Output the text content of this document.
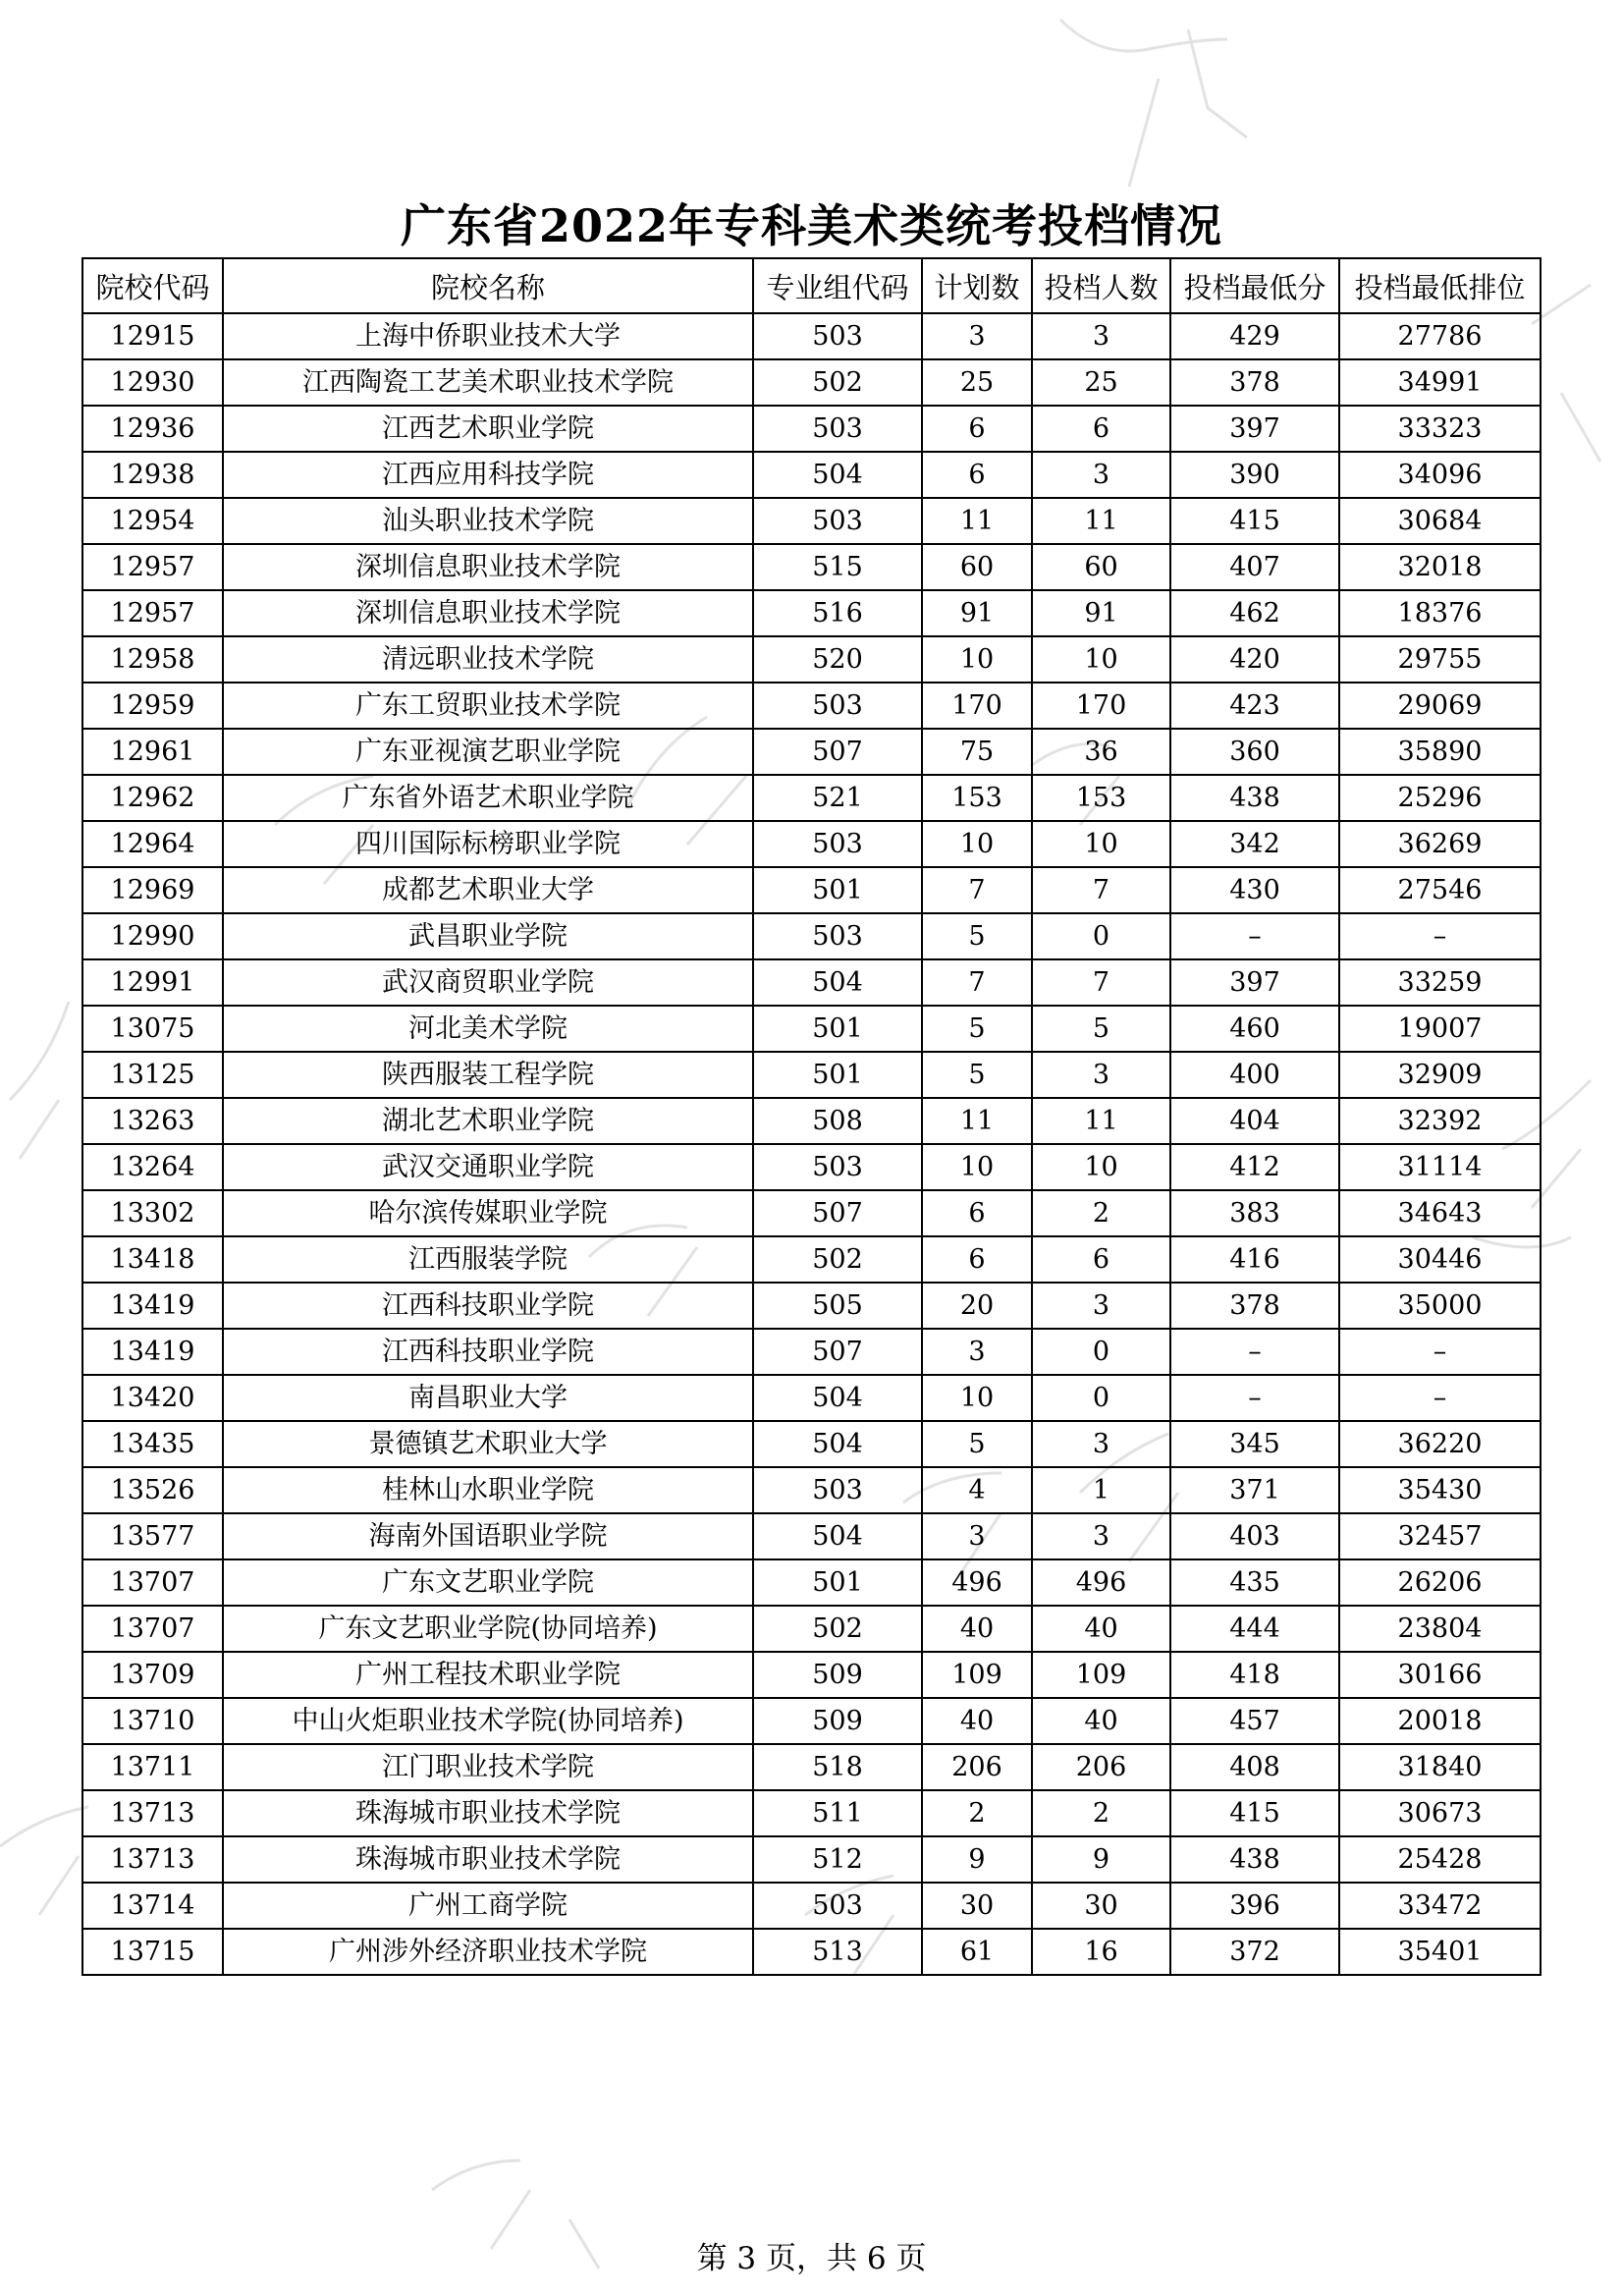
广东省2022年专科美术类统考投档情况
院校代码	院校名称	专业组代码	计划数	投档人数	投档最低分	投档最低排位
12915	上海中侨职业技术大学	503	3	3	429	27786
12930	江西陶瓷工艺美术职业技术学院	502	25	25	378	34991
12936	江西艺术职业学院	503	6	6	397	33323
12938	江西应用科技学院	504	6	3	390	34096
12954	汕头职业技术学院	503	11	11	415	30684
12957	深圳信息职业技术学院	515	60	60	407	32018
12957	深圳信息职业技术学院	516	91	91	462	18376
12958	清远职业技术学院	520	10	10	420	29755
12959	广东工贸职业技术学院	503	170	170	423	29069
12961	广东亚视演艺职业学院	507	75	36	360	35890
12962	广东省外语艺术职业学院	521	153	153	438	25296
12964	四川国际标榜职业学院	503	10	10	342	36269
12969	成都艺术职业大学	501	7	7	430	27546
12990	武昌职业学院	503	5	0	–	–
12991	武汉商贸职业学院	504	7	7	397	33259
13075	河北美术学院	501	5	5	460	19007
13125	陕西服装工程学院	501	5	3	400	32909
13263	湖北艺术职业学院	508	11	11	404	32392
13264	武汉交通职业学院	503	10	10	412	31114
13302	哈尔滨传媒职业学院	507	6	2	383	34643
13418	江西服装学院	502	6	6	416	30446
13419	江西科技职业学院	505	20	3	378	35000
13419	江西科技职业学院	507	3	0	–	–
13420	南昌职业大学	504	10	0	–	–
13435	景德镇艺术职业大学	504	5	3	345	36220
13526	桂林山水职业学院	503	4	1	371	35430
13577	海南外国语职业学院	504	3	3	403	32457
13707	广东文艺职业学院	501	496	496	435	26206
13707	广东文艺职业学院(协同培养)	502	40	40	444	23804
13709	广州工程技术职业学院	509	109	109	418	30166
13710	中山火炬职业技术学院(协同培养)	509	40	40	457	20018
13711	江门职业技术学院	518	206	206	408	31840
13713	珠海城市职业技术学院	511	2	2	415	30673
13713	珠海城市职业技术学院	512	9	9	438	25428
13714	广州工商学院	503	30	30	396	33472
13715	广州涉外经济职业技术学院	513	61	16	372	35401
第 3 页，共 6 页
